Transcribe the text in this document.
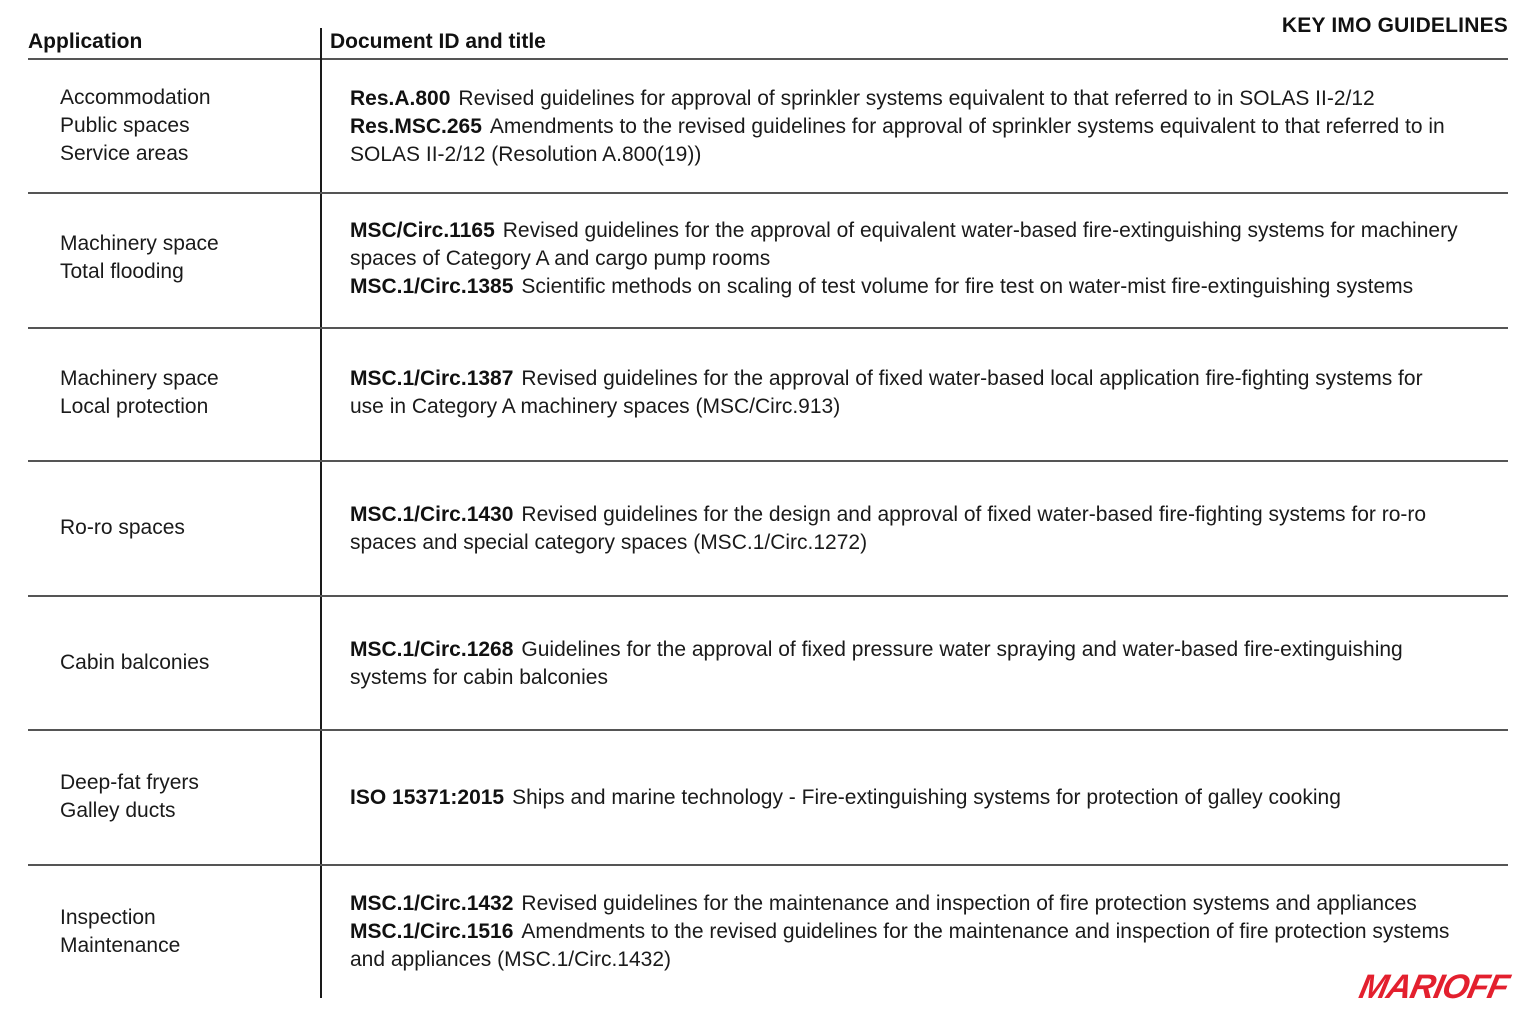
KEY IMO GUIDELINES
Application	Document ID and title
Accommodation
Public spaces
Service areas
Res.A.800 Revised guidelines for approval of sprinkler systems equivalent to that referred to in SOLAS II-2/12
Res.MSC.265 Amendments to the revised guidelines for approval of sprinkler systems equivalent to that referred to in SOLAS II-2/12 (Resolution A.800(19))
Machinery space
Total flooding
MSC/Circ.1165 Revised guidelines for the approval of equivalent water-based fire-extinguishing systems for machinery spaces of Category A and cargo pump rooms
MSC.1/Circ.1385 Scientific methods on scaling of test volume for fire test on water-mist fire-extinguishing systems
Machinery space
Local protection
MSC.1/Circ.1387 Revised guidelines for the approval of fixed water-based local application fire-fighting systems for use in Category A machinery spaces (MSC/Circ.913)
Ro-ro spaces
MSC.1/Circ.1430 Revised guidelines for the design and approval of fixed water-based fire-fighting systems for ro-ro spaces and special category spaces (MSC.1/Circ.1272)
Cabin balconies
MSC.1/Circ.1268 Guidelines for the approval of fixed pressure water spraying and water-based fire-extinguishing systems for cabin balconies
Deep-fat fryers
Galley ducts
ISO 15371:2015 Ships and marine technology - Fire-extinguishing systems for protection of galley cooking
Inspection
Maintenance
MSC.1/Circ.1432 Revised guidelines for the maintenance and inspection of fire protection systems and appliances
MSC.1/Circ.1516 Amendments to the revised guidelines for the maintenance and inspection of fire protection systems and appliances (MSC.1/Circ.1432)
MARIOFF
